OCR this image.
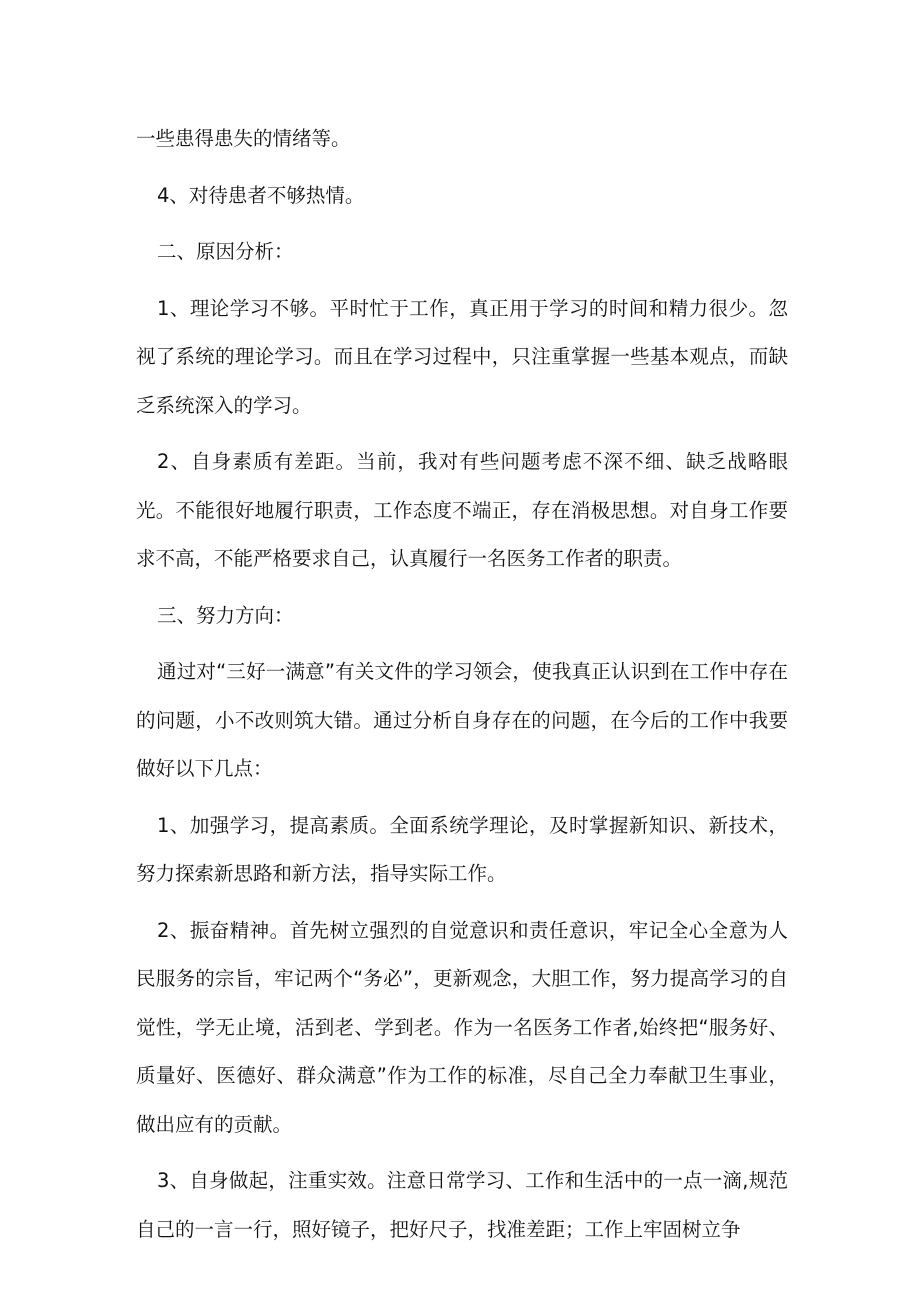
一些患得患失的情绪等。

4、对待患者不够热情。

二、原因分析：

1、理论学习不够。平时忙于工作，真正用于学习的时间和精力很少。忽视了系统的理论学习。而且在学习过程中，只注重掌握一些基本观点，而缺乏系统深入的学习。

2、自身素质有差距。当前，我对有些问题考虑不深不细、缺乏战略眼光。不能很好地履行职责，工作态度不端正，存在消极思想。对自身工作要求不高，不能严格要求自己，认真履行一名医务工作者的职责。

三、努力方向：

通过对“三好一满意”有关文件的学习领会，使我真正认识到在工作中存在的问题，小不改则筑大错。通过分析自身存在的问题，在今后的工作中我要做好以下几点：

1、加强学习，提高素质。全面系统学理论，及时掌握新知识、新技术，努力探索新思路和新方法，指导实际工作。

2、振奋精神。首先树立强烈的自觉意识和责任意识，牢记全心全意为人民服务的宗旨，牢记两个“务必”，更新观念，大胆工作，努力提高学习的自觉性，学无止境，活到老、学到老。作为一名医务工作者,始终把“服务好、质量好、医德好、群众满意”作为工作的标准，尽自己全力奉献卫生事业，做出应有的贡献。

3、自身做起，注重实效。注意日常学习、工作和生活中的一点一滴,规范自己的一言一行，照好镜子，把好尺子，找准差距；工作上牢固树立争
